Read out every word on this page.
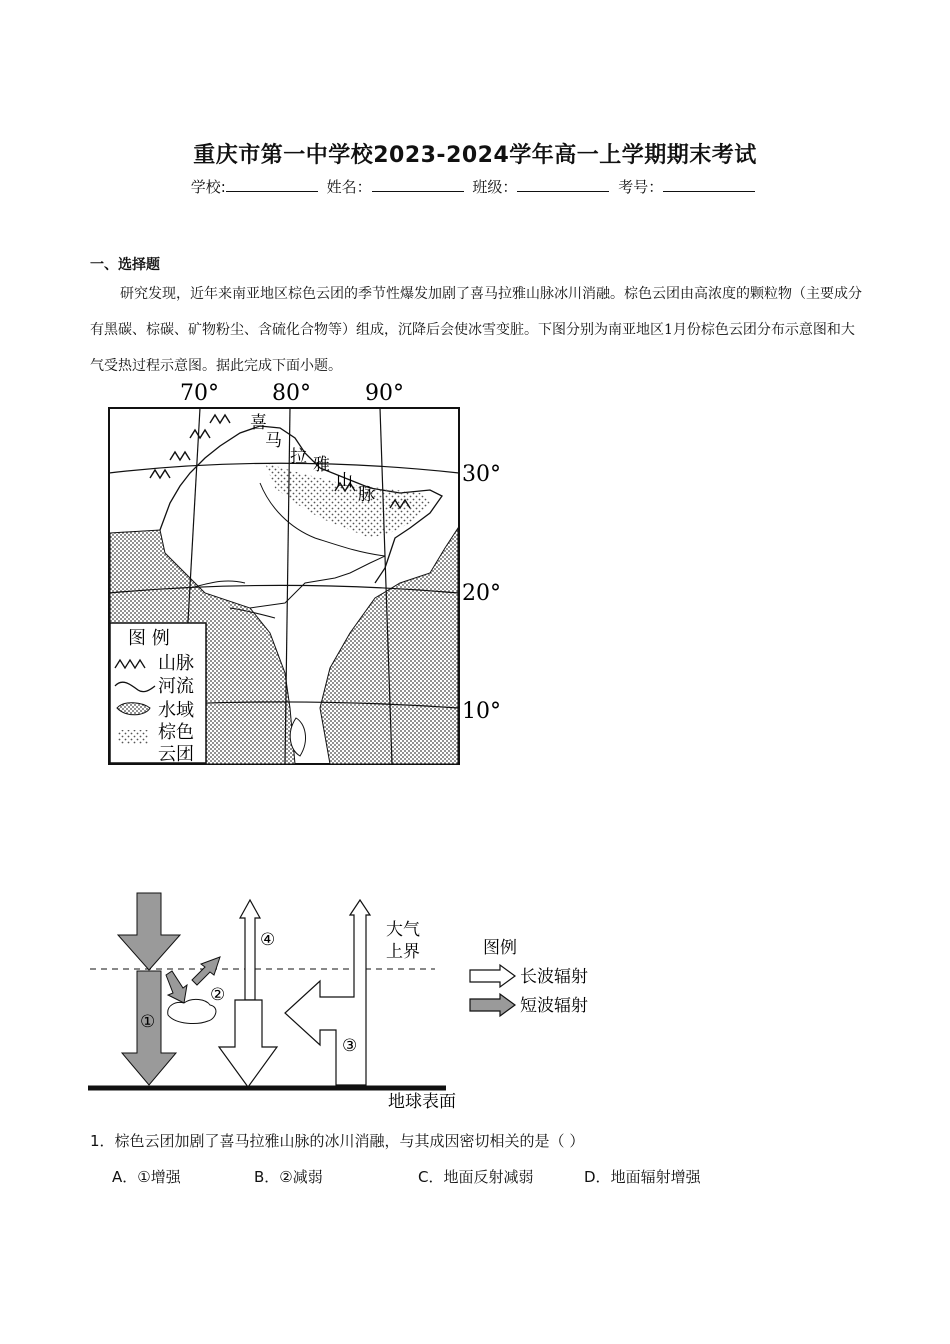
重庆市第一中学校2023-2024学年高一上学期期末考试
学校:	姓名：	班级：	考号：
一、选择题

研究发现，近年来南亚地区棕色云团的季节性爆发加剧了喜马拉雅山脉冰川消融。棕色云团由高浓度的颗粒物（主要成分有黑碳、棕碳、矿物粉尘、含硫化合物等）组成，沉降后会使冰雪变脏。下图分别为南亚地区1月份棕色云团分布示意图和大气受热过程示意图。据此完成下面小题。

喜
马
拉 雅
山
脉
70° 80° 90°
30°
20°
10°
图 例
山脉
河流
水域
棕色
云团
①
②
④
③
大气
上界
地球表面
图例
长波辐射
短波辐射
1．棕色云团加剧了喜马拉雅山脉的冰川消融，与其成因密切相关的是（ ）
A．①增强	B．②减弱	C．地面反射减弱	D．地面辐射增强
